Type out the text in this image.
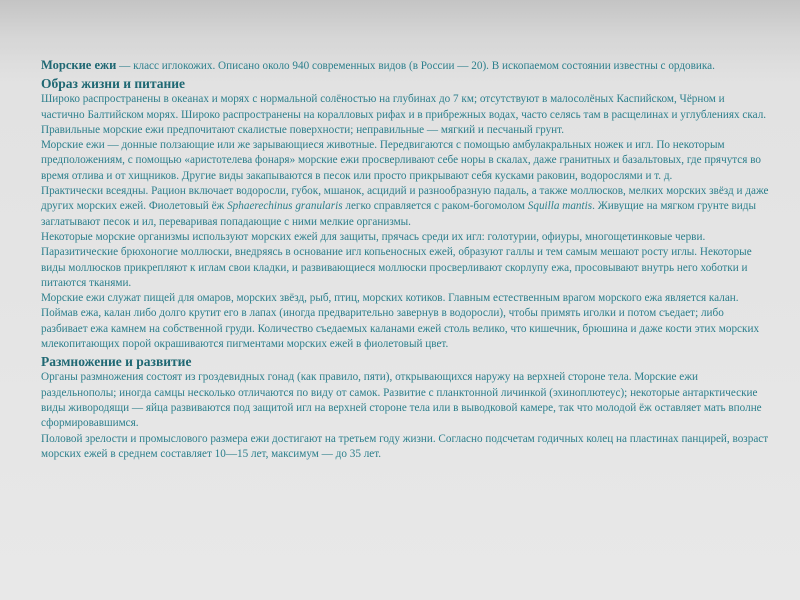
Морские ежи — класс иглокожих. Описано около 940 современных видов (в России — 20). В ископаемом состоянии известны с ордовика.

Образ жизни и питание

Широко распространены в океанах и морях с нормальной солёностью на глубинах до 7 км; отсутствуют в малосолёных Каспийском, Чёрном и частично Балтийском морях. Широко распространены на коралловых рифах и в прибрежных водах, часто селясь там в расщелинах и углублениях скал. Правильные морские ежи предпочитают скалистые поверхности; неправильные — мягкий и песчаный грунт.

Морские ежи — донные ползающие или же зарывающиеся животные. Передвигаются с помощью амбулакральных ножек и игл. По некоторым предположениям, с помощью «аристотелева фонаря» морские ежи просверливают себе норы в скалах, даже гранитных и базальтовых, где прячутся во время отлива и от хищников. Другие виды закапываются в песок или просто прикрывают себя кусками раковин, водорослями и т. д.

Практически всеядны. Рацион включает водоросли, губок, мшанок, асцидий и разнообразную падаль, а также моллюсков, мелких морских звёзд и даже других морских ежей. Фиолетовый ёж Sphaerechinus granularis легко справляется с раком-богомолом Squilla mantis. Живущие на мягком грунте виды заглатывают песок и ил, переваривая попадающие с ними мелкие организмы.

Некоторые морские организмы используют морских ежей для защиты, прячась среди их игл: голотурии, офиуры, многощетинковые черви. Паразитические брюхоногие моллюски, внедряясь в основание игл копьеносных ежей, образуют галлы и тем самым мешают росту иглы. Некоторые виды моллюсков прикрепляют к иглам свои кладки, и развивающиеся моллюски просверливают скорлупу ежа, просовывают внутрь него хоботки и питаются тканями.

Морские ежи служат пищей для омаров, морских звёзд, рыб, птиц, морских котиков. Главным естественным врагом морского ежа является калан. Поймав ежа, калан либо долго крутит его в лапах (иногда предварительно завернув в водоросли), чтобы примять иголки и потом съедает; либо разбивает ежа камнем на собственной груди. Количество съедаемых каланами ежей столь велико, что кишечник, брюшина и даже кости этих морских млекопитающих порой окрашиваются пигментами морских ежей в фиолетовый цвет.

Размножение и развитие

Органы размножения состоят из гроздевидных гонад (как правило, пяти), открывающихся наружу на верхней стороне тела. Морские ежи раздельнополы; иногда самцы несколько отличаются по виду от самок. Развитие с планктонной личинкой (эхиноплютеус); некоторые антарктические виды живородящи — яйца развиваются под защитой игл на верхней стороне тела или в выводковой камере, так что молодой ёж оставляет мать вполне сформировавшимся.

Половой зрелости и промыслового размера ежи достигают на третьем году жизни. Согласно подсчетам годичных колец на пластинах панцирей, возраст морских ежей в среднем составляет 10—15 лет, максимум — до 35 лет.
